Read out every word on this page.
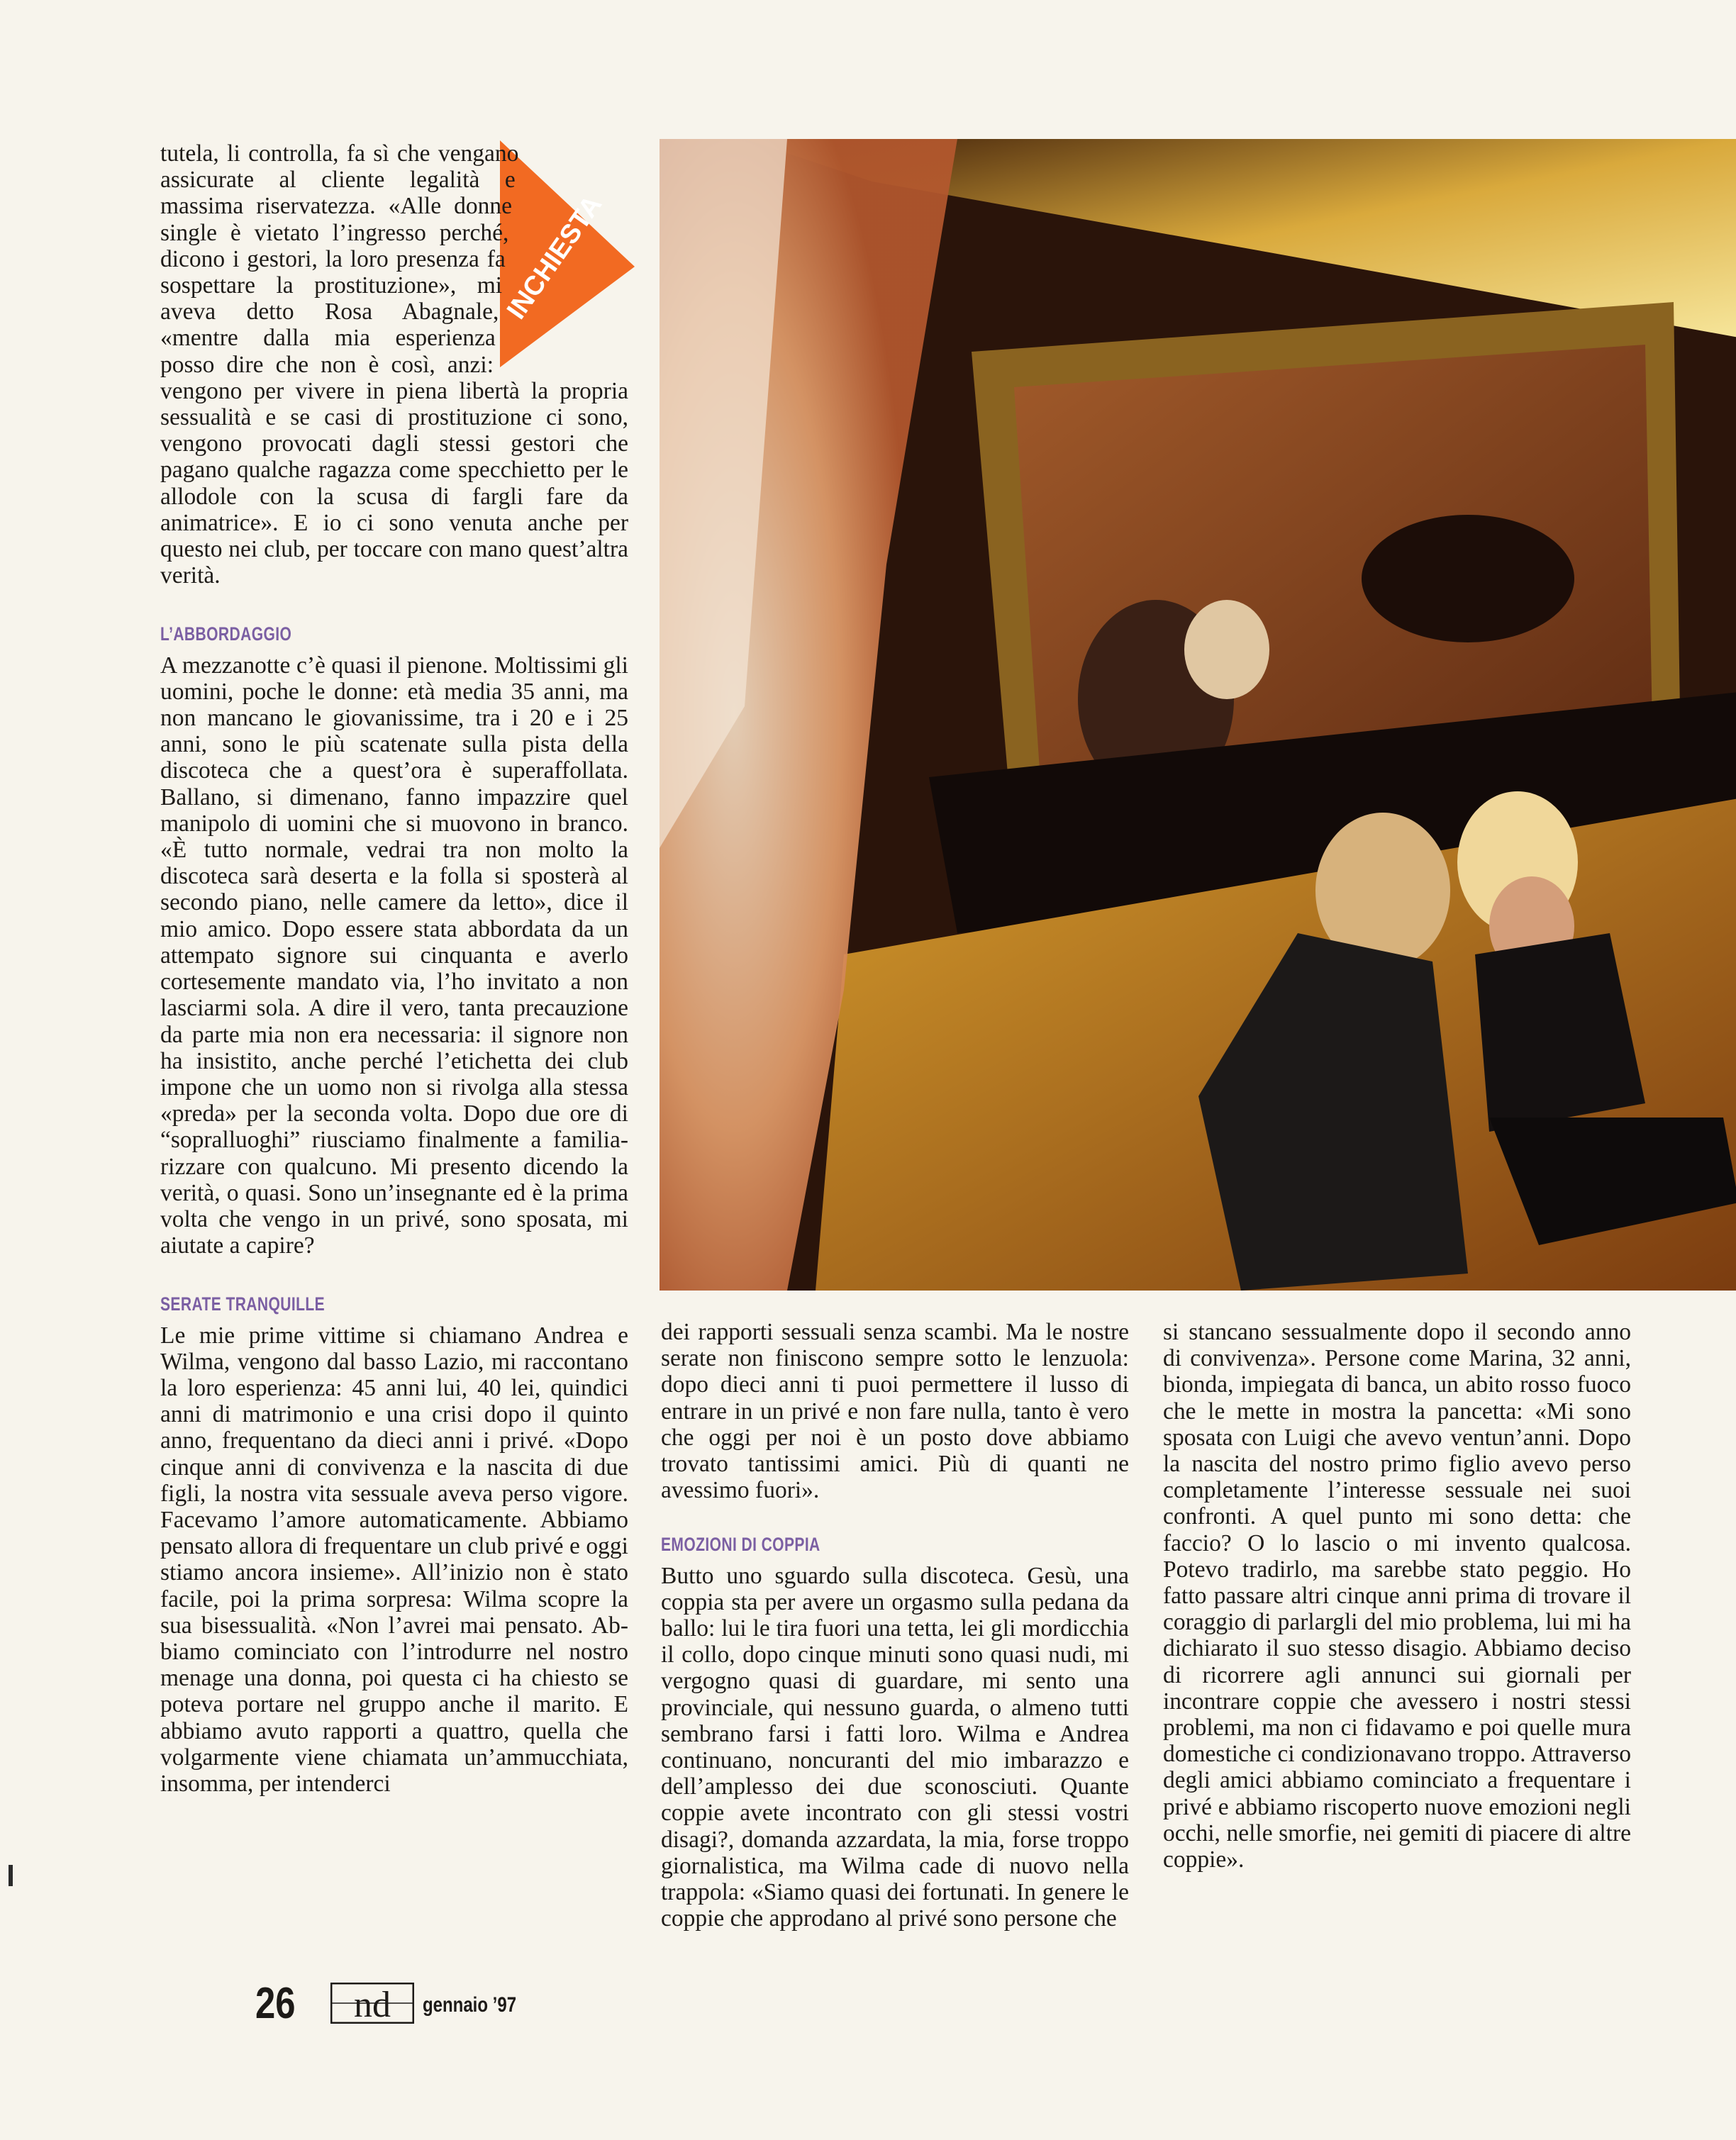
INCHIESTA

tutela, li controlla, fa sì che vengano assicurate al cliente legalità e massima riservatezza. «Alle donne single è vietato l’ingresso perché, dicono i gestori, la loro presenza fa sospettare la prostituzione», mi aveva detto Rosa Abagnale, «mentre dalla mia esperienza posso dire che non è così, anzi: vengono per vivere in piena libertà la propria sessualità e se casi di prostituzione ci sono, vengono provocati dagli stessi gestori che pagano qualche ragazza come specchietto per le allodole con la scusa di fargli fare da animatrice». E io ci sono venuta anche per questo nei club, per toccare con mano quest’altra verità.

L’ABBORDAGGIO

A mezzanotte c’è quasi il pienone. Moltissimi gli uomini, poche le donne: età media 35 anni, ma non mancano le giovanissime, tra i 20 e i 25 anni, sono le più scatenate sulla pista della discoteca che a quest’ora è superaffollata. Ballano, si dimenano, fanno impazzire quel manipolo di uomini che si muovono in branco. «È tutto normale, vedrai tra non molto la discoteca sarà deserta e la folla si sposterà al secondo piano, nelle camere da letto», dice il mio amico. Dopo essere stata abbordata da un attempato signore sui cinquanta e averlo cortesemente mandato via, l’ho invitato a non lasciarmi sola. A dire il vero, tanta precauzione da parte mia non era necessaria: il signore non ha insistito, anche perché l’etichetta dei club impone che un uomo non si rivolga alla stessa «preda» per la seconda volta. Dopo due ore di “sopralluoghi” riusciamo finalmente a familiarizzare con qualcuno. Mi presento dicendo la verità, o quasi. Sono un’insegnante ed è la prima volta che vengo in un privé, sono sposata, mi aiutate a capire?

SERATE TRANQUILLE

Le mie prime vittime si chiamano Andrea e Wilma, vengono dal basso Lazio, mi raccontano la loro esperienza: 45 anni lui, 40 lei, quindici anni di matrimonio e una crisi dopo il quinto anno, frequentano da dieci anni i privé. «Dopo cinque anni di convivenza e la nascita di due figli, la nostra vita sessuale aveva perso vigore. Facevamo l’amore automaticamente. Abbiamo pensato allora di frequentare un club privé e oggi stiamo ancora insieme». All’inizio non è stato facile, poi la prima sorpresa: Wilma scopre la sua bisessualità. «Non l’avrei mai pensato. Abbiamo cominciato con l’introdurre nel nostro menage una donna, poi questa ci ha chiesto se poteva portare nel gruppo anche il marito. E abbiamo avuto rapporti a quattro, quella che volgarmente viene chiamata un’ammucchiata, insomma, per intenderci

dei rapporti sessuali senza scambi. Ma le nostre serate non finiscono sempre sotto le lenzuola: dopo dieci anni ti puoi permettere il lusso di entrare in un privé e non fare nulla, tanto è vero che oggi per noi è un posto dove abbiamo trovato tantissimi amici. Più di quanti ne avessimo fuori».

EMOZIONI DI COPPIA

Butto uno sguardo sulla discoteca. Gesù, una coppia sta per avere un orgasmo sulla pedana da ballo: lui le tira fuori una tetta, lei gli mordicchia il collo, dopo cinque minuti sono quasi nudi, mi vergogno quasi di guardare, mi sento una provinciale, qui nessuno guarda, o almeno tutti sembrano farsi i fatti loro. Wilma e Andrea continuano, noncuranti del mio imbarazzo e dell’amplesso dei due sconosciuti. Quante coppie avete incontrato con gli stessi vostri disagi?, domanda azzardata, la mia, forse troppo giornalistica, ma Wilma cade di nuovo nella trappola: «Siamo quasi dei fortunati. In genere le coppie che approdano al privé sono persone che

si stancano sessualmente dopo il secondo anno di convivenza». Persone come Marina, 32 anni, bionda, impiegata di banca, un abito rosso fuoco che le mette in mostra la pancetta: «Mi sono sposata con Luigi che avevo ventun’anni. Dopo la nascita del nostro primo figlio avevo perso completamente l’interesse sessuale nei suoi confronti. A quel punto mi sono detta: che faccio? O lo lascio o mi invento qualcosa. Potevo tradirlo, ma sarebbe stato peggio. Ho fatto passare altri cinque anni prima di trovare il coraggio di parlargli del mio problema, lui mi ha dichiarato il suo stesso disagio. Abbiamo deciso di ricorrere agli annunci sui giornali per incontrare coppie che avessero i nostri stessi problemi, ma non ci fidavamo e poi quelle mura domestiche ci condizionavano troppo. Attraverso degli amici abbiamo cominciato a frequentare i privé e abbiamo riscoperto nuove emozioni negli occhi, nelle smorfie, nei gemiti di piacere di altre coppie».

26 nd gennaio ’97
